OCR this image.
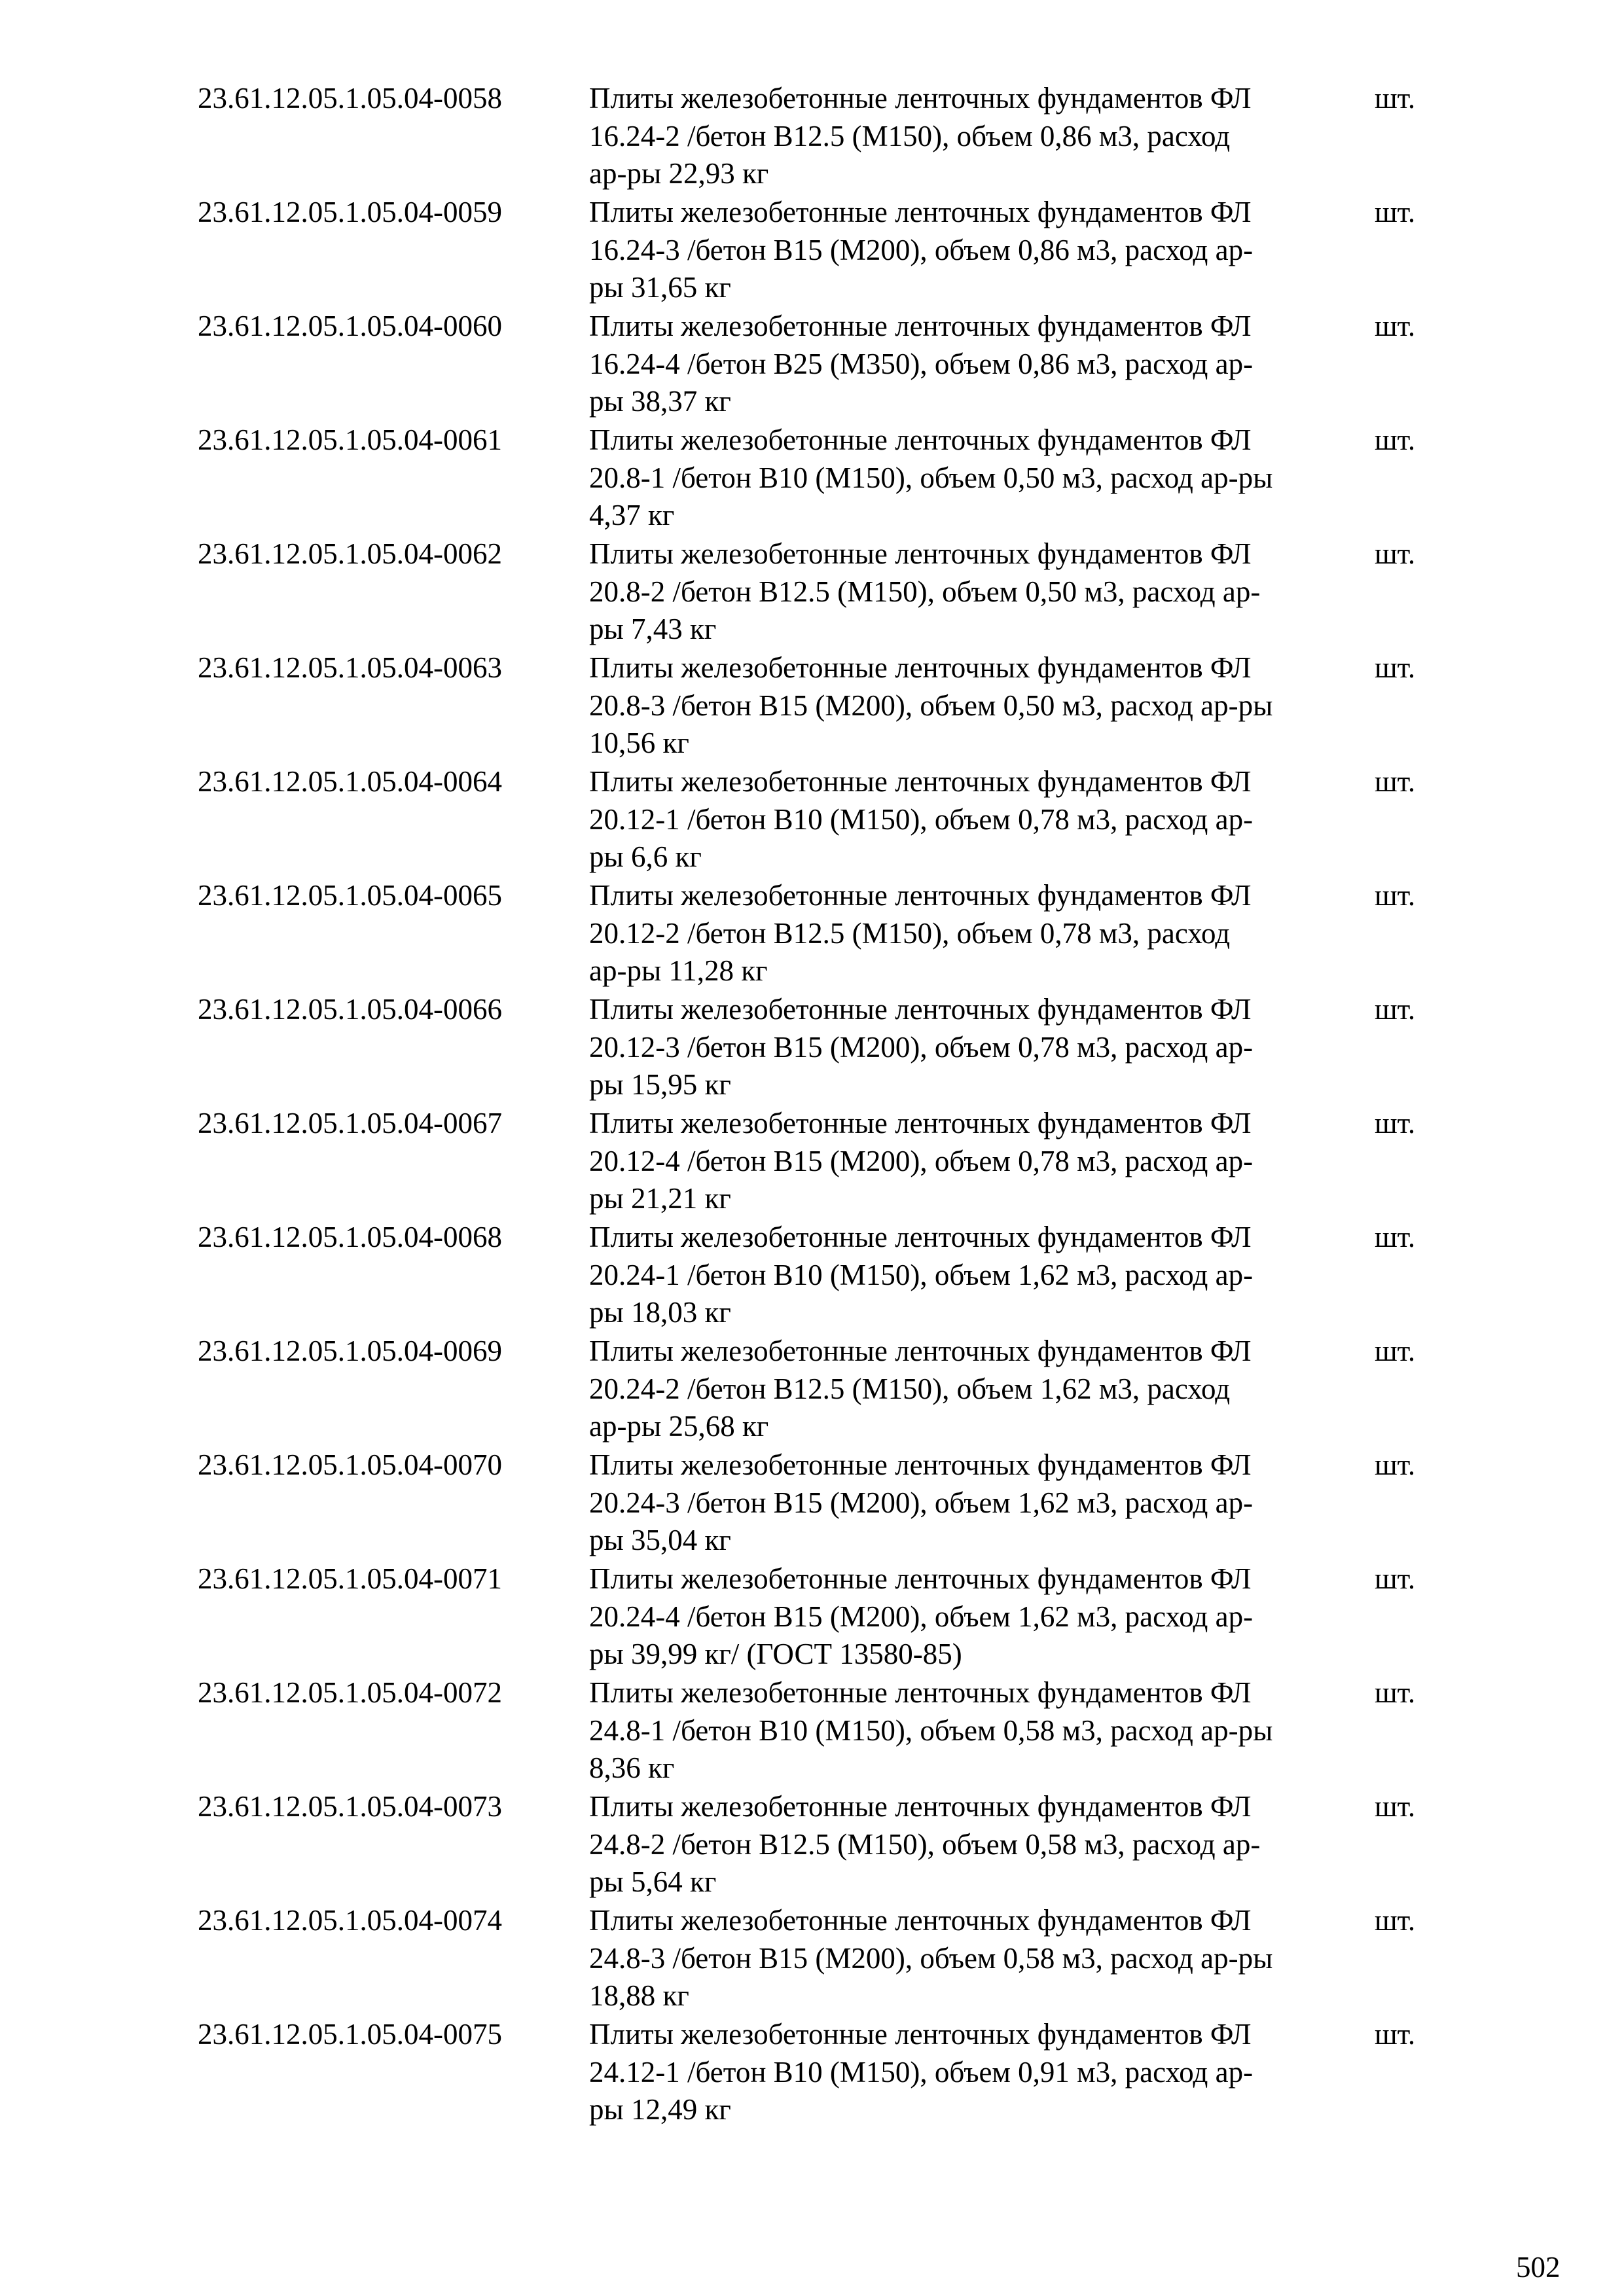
23.61.12.05.1.05.04-0058	Плиты железобетонные ленточных фундаментов ФЛ
16.24-2 /бетон В12.5 (М150), объем 0,86 м3, расход
ар-ры 22,93 кг
шт.
23.61.12.05.1.05.04-0059	Плиты железобетонные ленточных фундаментов ФЛ
16.24-3 /бетон В15 (М200), объем 0,86 м3, расход ар-
ры 31,65 кг
шт.
23.61.12.05.1.05.04-0060	Плиты железобетонные ленточных фундаментов ФЛ
16.24-4 /бетон В25 (М350), объем 0,86 м3, расход ар-
ры 38,37 кг
шт.
23.61.12.05.1.05.04-0061	Плиты железобетонные ленточных фундаментов ФЛ
20.8-1 /бетон В10 (М150), объем 0,50 м3, расход ар-ры
4,37 кг
шт.
23.61.12.05.1.05.04-0062	Плиты железобетонные ленточных фундаментов ФЛ
20.8-2 /бетон В12.5 (М150), объем 0,50 м3, расход ар-
ры 7,43 кг
шт.
23.61.12.05.1.05.04-0063	Плиты железобетонные ленточных фундаментов ФЛ
20.8-3 /бетон В15 (М200), объем 0,50 м3, расход ар-ры
10,56 кг
шт.
23.61.12.05.1.05.04-0064	Плиты железобетонные ленточных фундаментов ФЛ
20.12-1 /бетон В10 (М150), объем 0,78 м3, расход ар-
ры 6,6 кг
шт.
23.61.12.05.1.05.04-0065	Плиты железобетонные ленточных фундаментов ФЛ
20.12-2 /бетон В12.5 (М150), объем 0,78 м3, расход
ар-ры 11,28 кг
шт.
23.61.12.05.1.05.04-0066	Плиты железобетонные ленточных фундаментов ФЛ
20.12-3 /бетон В15 (М200), объем 0,78 м3, расход ар-
ры 15,95 кг
шт.
23.61.12.05.1.05.04-0067	Плиты железобетонные ленточных фундаментов ФЛ
20.12-4 /бетон В15 (М200), объем 0,78 м3, расход ар-
ры 21,21 кг
шт.
23.61.12.05.1.05.04-0068	Плиты железобетонные ленточных фундаментов ФЛ
20.24-1 /бетон В10 (М150), объем 1,62 м3, расход ар-
ры 18,03 кг
шт.
23.61.12.05.1.05.04-0069	Плиты железобетонные ленточных фундаментов ФЛ
20.24-2 /бетон В12.5 (М150), объем 1,62 м3, расход
ар-ры 25,68 кг
шт.
23.61.12.05.1.05.04-0070	Плиты железобетонные ленточных фундаментов ФЛ
20.24-3 /бетон В15 (М200), объем 1,62 м3, расход ар-
ры 35,04 кг
шт.
23.61.12.05.1.05.04-0071	Плиты железобетонные ленточных фундаментов ФЛ
20.24-4 /бетон В15 (М200), объем 1,62 м3, расход ар-
ры 39,99 кг/ (ГОСТ 13580-85)
шт.
23.61.12.05.1.05.04-0072	Плиты железобетонные ленточных фундаментов ФЛ
24.8-1 /бетон В10 (М150), объем 0,58 м3, расход ар-ры
8,36 кг
шт.
23.61.12.05.1.05.04-0073	Плиты железобетонные ленточных фундаментов ФЛ
24.8-2 /бетон В12.5 (М150), объем 0,58 м3, расход ар-
ры 5,64 кг
шт.
23.61.12.05.1.05.04-0074	Плиты железобетонные ленточных фундаментов ФЛ
24.8-3 /бетон В15 (М200), объем 0,58 м3, расход ар-ры
18,88 кг
шт.
23.61.12.05.1.05.04-0075	Плиты железобетонные ленточных фундаментов ФЛ
24.12-1 /бетон В10 (М150), объем 0,91 м3, расход ар-
ры 12,49 кг
шт.
502
